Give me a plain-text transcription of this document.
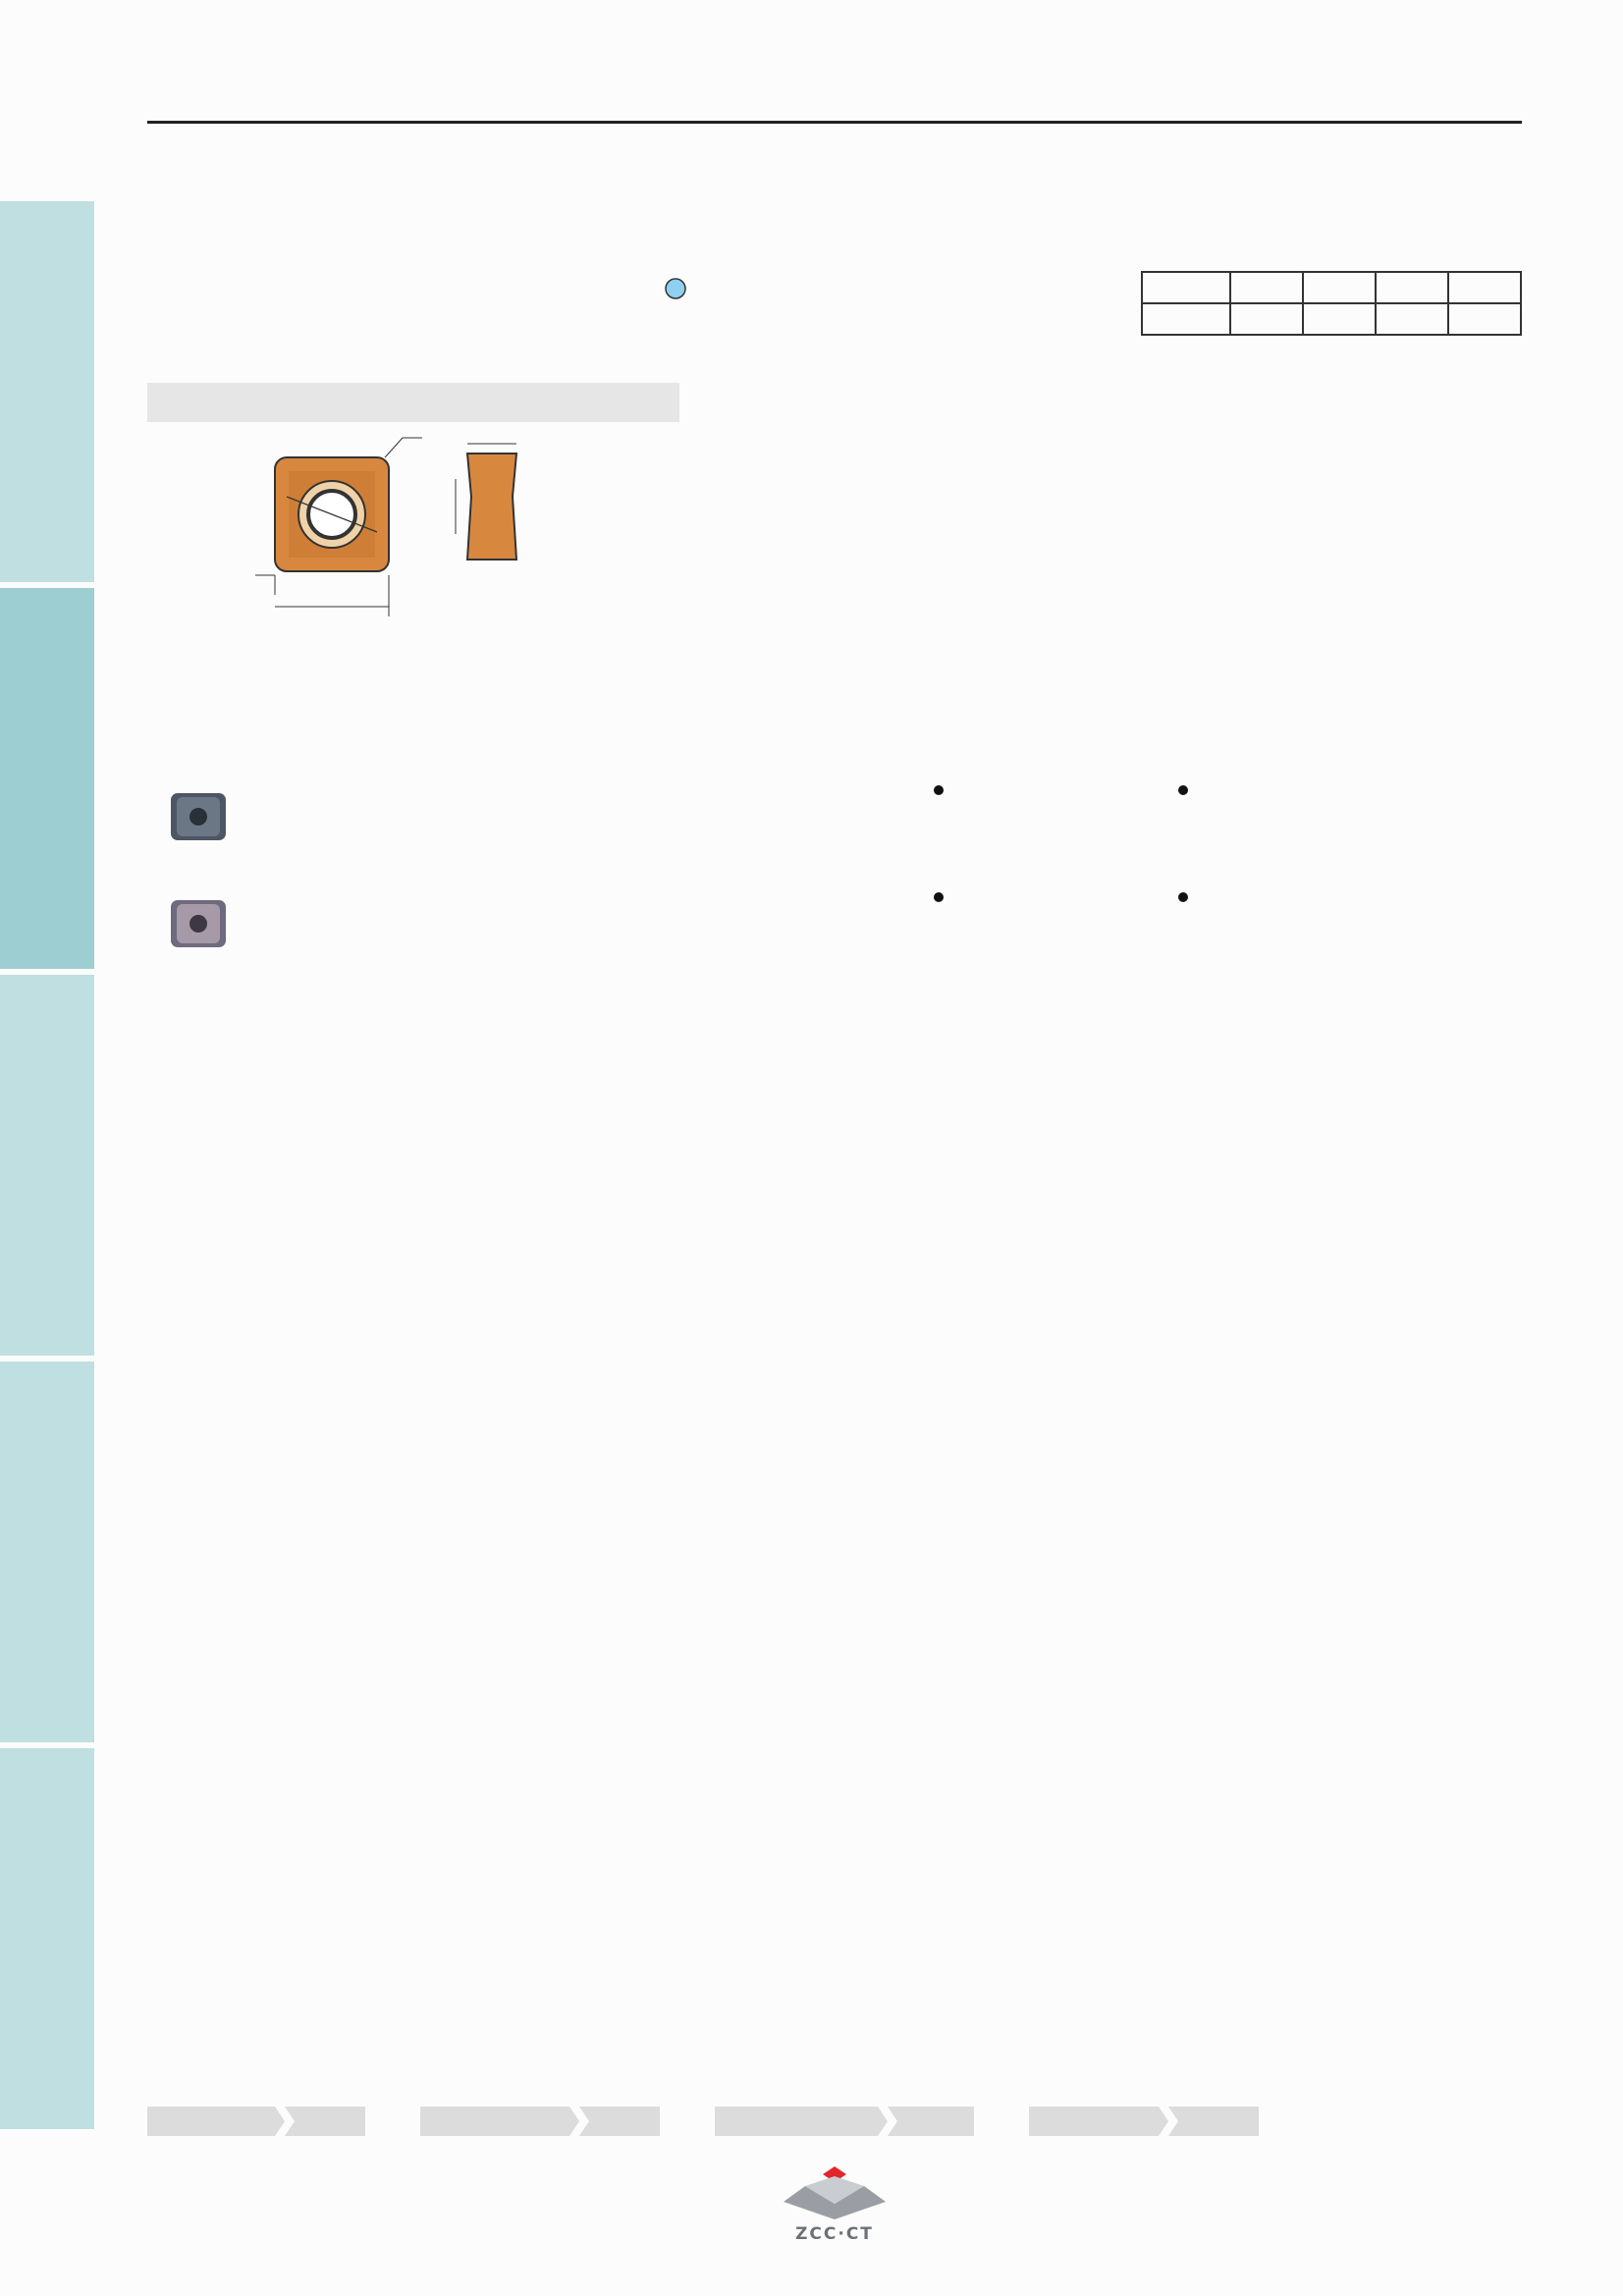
ZCC·CT
